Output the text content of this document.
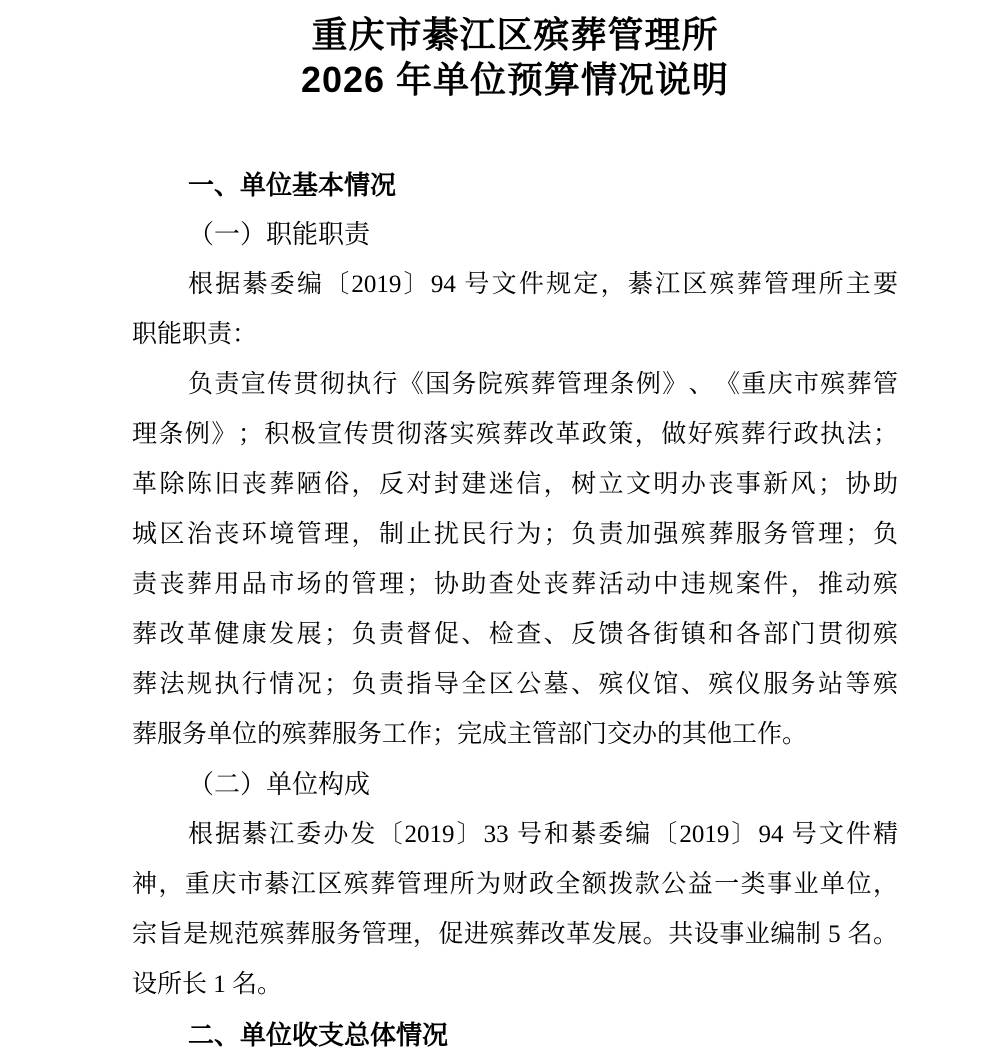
重庆市綦江区殡葬管理所
2026 年单位预算情况说明
一、单位基本情况
（一）职能职责
根据綦委编〔2019〕94 号文件规定，綦江区殡葬管理所主要
职能职责：
负责宣传贯彻执行《国务院殡葬管理条例》、《重庆市殡葬管
理条例》；积极宣传贯彻落实殡葬改革政策，做好殡葬行政执法；
革除陈旧丧葬陋俗，反对封建迷信，树立文明办丧事新风；协助
城区治丧环境管理，制止扰民行为；负责加强殡葬服务管理；负
责丧葬用品市场的管理；协助查处丧葬活动中违规案件，推动殡
葬改革健康发展；负责督促、检查、反馈各街镇和各部门贯彻殡
葬法规执行情况；负责指导全区公墓、殡仪馆、殡仪服务站等殡
葬服务单位的殡葬服务工作；完成主管部门交办的其他工作。
（二）单位构成
根据綦江委办发〔2019〕33 号和綦委编〔2019〕94 号文件精
神，重庆市綦江区殡葬管理所为财政全额拨款公益一类事业单位，
宗旨是规范殡葬服务管理，促进殡葬改革发展。共设事业编制 5 名。
设所长 1 名。
二、单位收支总体情况
